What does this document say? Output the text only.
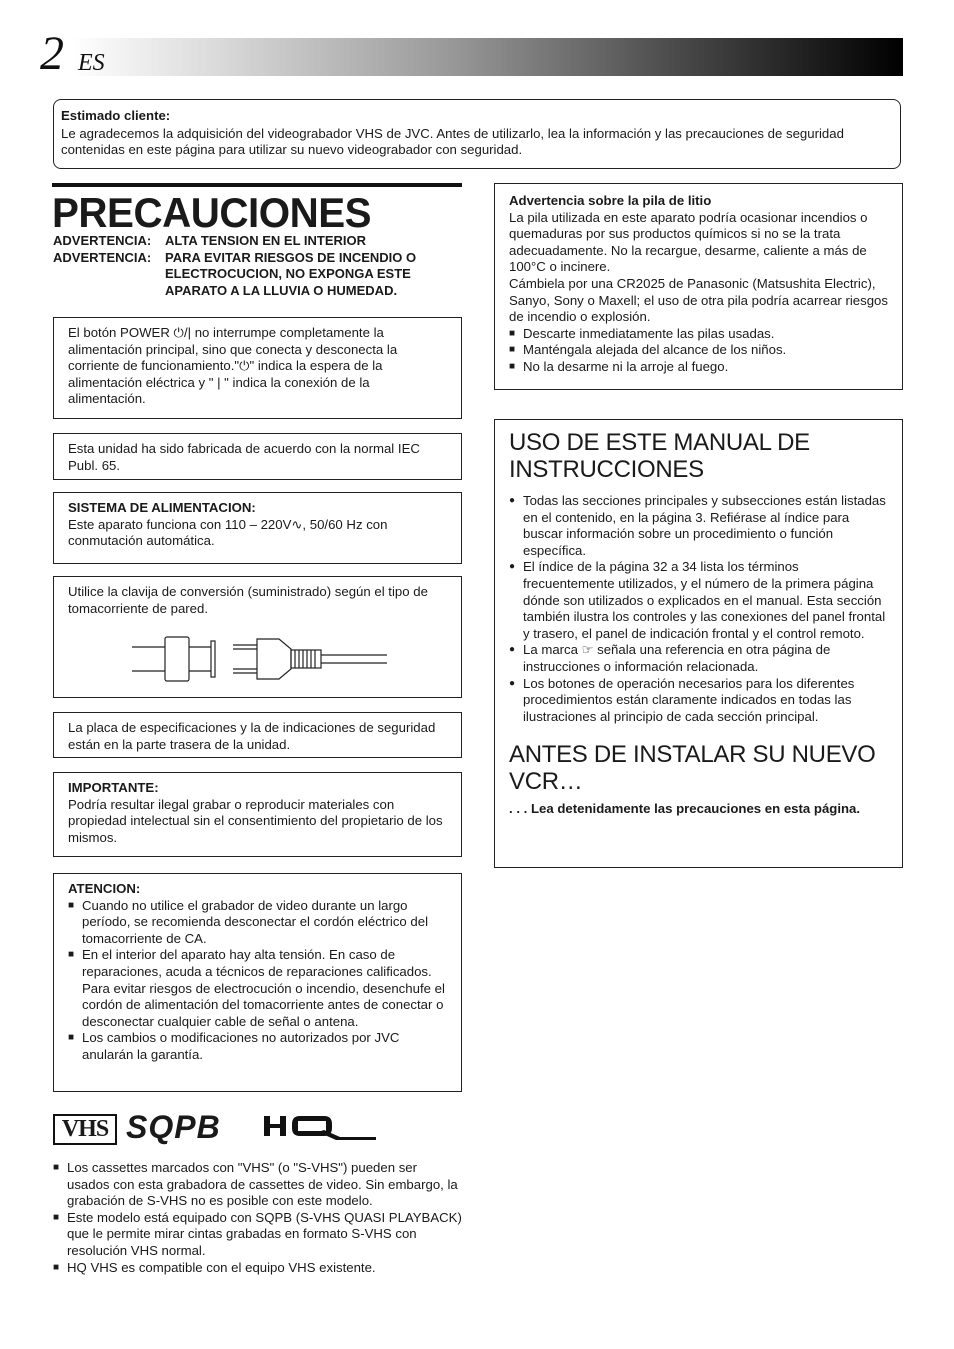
2 ES

Estimado cliente:

Le agradecemos la adquisición del videograbador VHS de JVC. Antes de utilizarlo, lea la información y las precauciones de seguridad contenidas en este página para utilizar su nuevo videograbador con seguridad.

PRECAUCIONES
ADVERTENCIA:	ALTA TENSION EN EL INTERIOR
ADVERTENCIA:	PARA EVITAR RIESGOS DE INCENDIO O ELECTROCUCION, NO EXPONGA ESTE APARATO A LA LLUVIA O HUMEDAD.

El botón POWER ⏻/| no interrumpe completamente la alimentación principal, sino que conecta y desconecta la corriente de funcionamiento."⏻" indica la espera de la alimentación eléctrica y " | " indica la conexión de la alimentación.

Esta unidad ha sido fabricada de acuerdo con la normal IEC Publ. 65.

SISTEMA DE ALIMENTACION:

Este aparato funciona con 110 – 220V∿, 50/60 Hz con conmutación automática.

Utilice la clavija de conversión (suministrado) según el tipo de tomacorriente de pared.

La placa de especificaciones y la de indicaciones de seguridad están en la parte trasera de la unidad.

IMPORTANTE:

Podría resultar ilegal grabar o reproducir materiales con propiedad intelectual sin el consentimiento del propietario de los mismos.

ATENCION:

■ Cuando no utilice el grabador de video durante un largo período, se recomienda desconectar el cordón eléctrico del tomacorriente de CA.
■ En el interior del aparato hay alta tensión. En caso de reparaciones, acuda a técnicos de reparaciones calificados. Para evitar riesgos de electrocución o incendio, desenchufe el cordón de alimentación del tomacorriente antes de conectar o desconectar cualquier cable de señal o antena.
■ Los cambios o modificaciones no autorizados por JVC anularán la garantía.
VHS SQPB
■ Los cassettes marcados con "VHS" (o "S-VHS") pueden ser usados con esta grabadora de cassettes de video. Sin embargo, la grabación de S-VHS no es posible con este modelo.
■ Este modelo está equipado con SQPB (S-VHS QUASI PLAYBACK) que le permite mirar cintas grabadas en formato S-VHS con resolución VHS normal.
■ HQ VHS es compatible con el equipo VHS existente.

Advertencia sobre la pila de litio

La pila utilizada en este aparato podría ocasionar incendios o quemaduras por sus productos químicos si no se la trata adecuadamente. No la recargue, desarme, caliente a más de 100°C o incinere.
Cámbiela por una CR2025 de Panasonic (Matsushita Electric), Sanyo, Sony o Maxell; el uso de otra pila podría acarrear riesgos de incendio o explosión.

■ Descarte inmediatamente las pilas usadas.
■ Manténgala alejada del alcance de los niños.
■ No la desarme ni la arroje al fuego.
USO DE ESTE MANUAL DE INSTRUCCIONES
● Todas las secciones principales y subsecciones están listadas en el contenido, en la página 3. Refiérase al índice para buscar información sobre un procedimiento o función específica.
● El índice de la página 32 a 34 lista los términos frecuentemente utilizados, y el número de la primera página dónde son utilizados o explicados en el manual. Esta sección también ilustra los controles y las conexiones del panel frontal y trasero, el panel de indicación frontal y el control remoto.
● La marca ☞ señala una referencia en otra página de instrucciones o información relacionada.
● Los botones de operación necesarios para los diferentes procedimientos están claramente indicados en todas las ilustraciones al principio de cada sección principal.
ANTES DE INSTALAR SU NUEVO VCR…

. . . Lea detenidamente las precauciones en esta página.
